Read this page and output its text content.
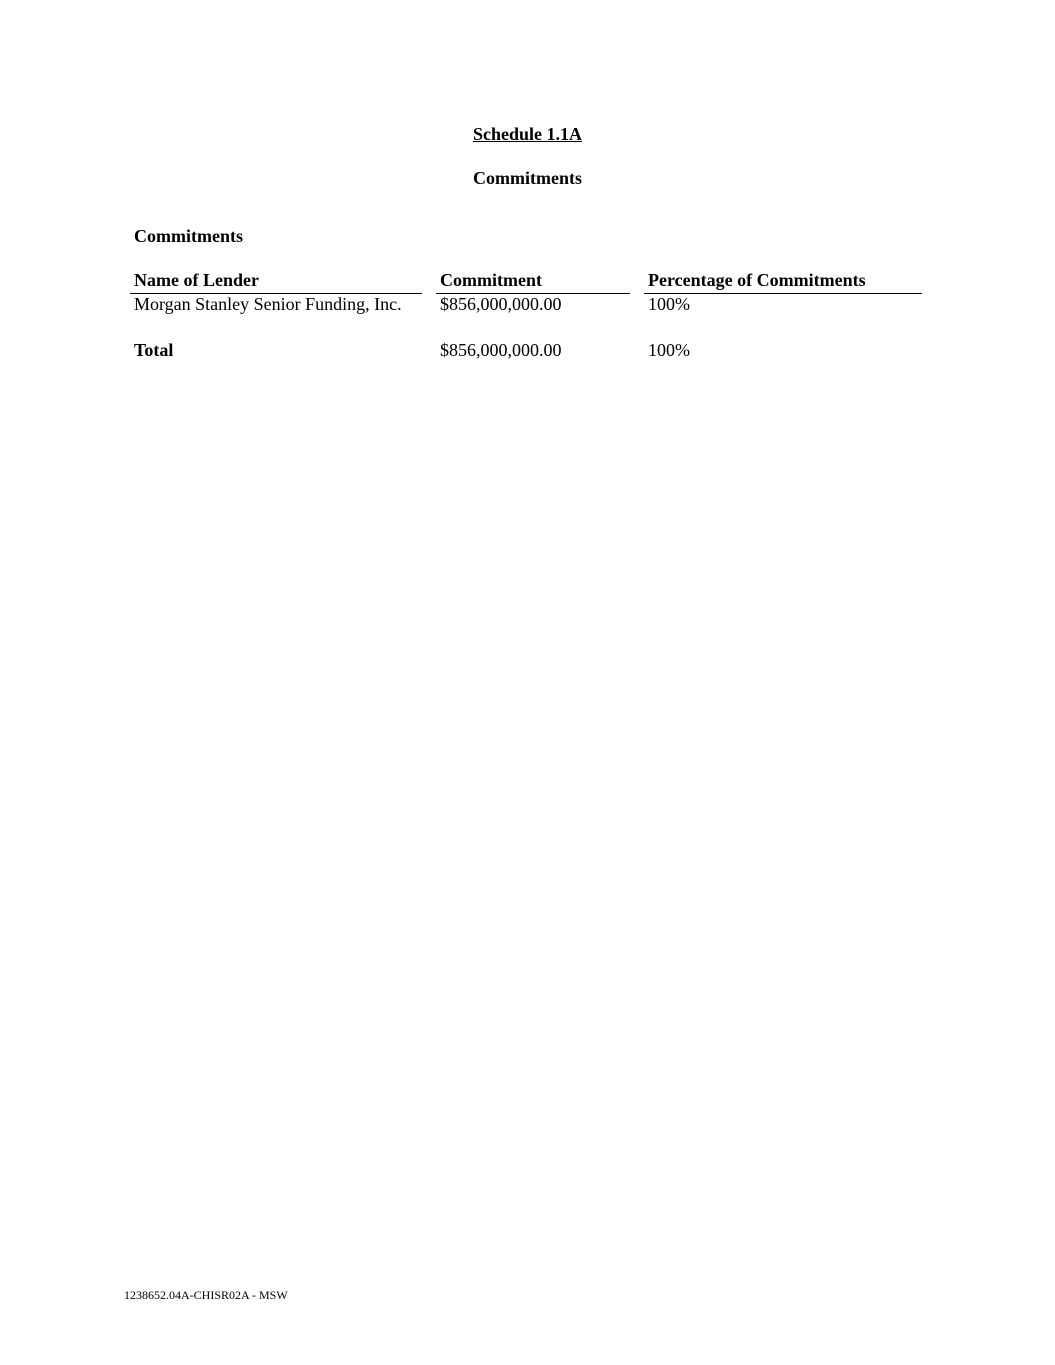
Schedule 1.1A
Commitments
Commitments
Name of Lender	Commitment	Percentage of Commitments
Morgan Stanley Senior Funding, Inc. $856,000,000.00	100%
Total	$856,000,000.00	100%
1238652.04A-CHISR02A - MSW
